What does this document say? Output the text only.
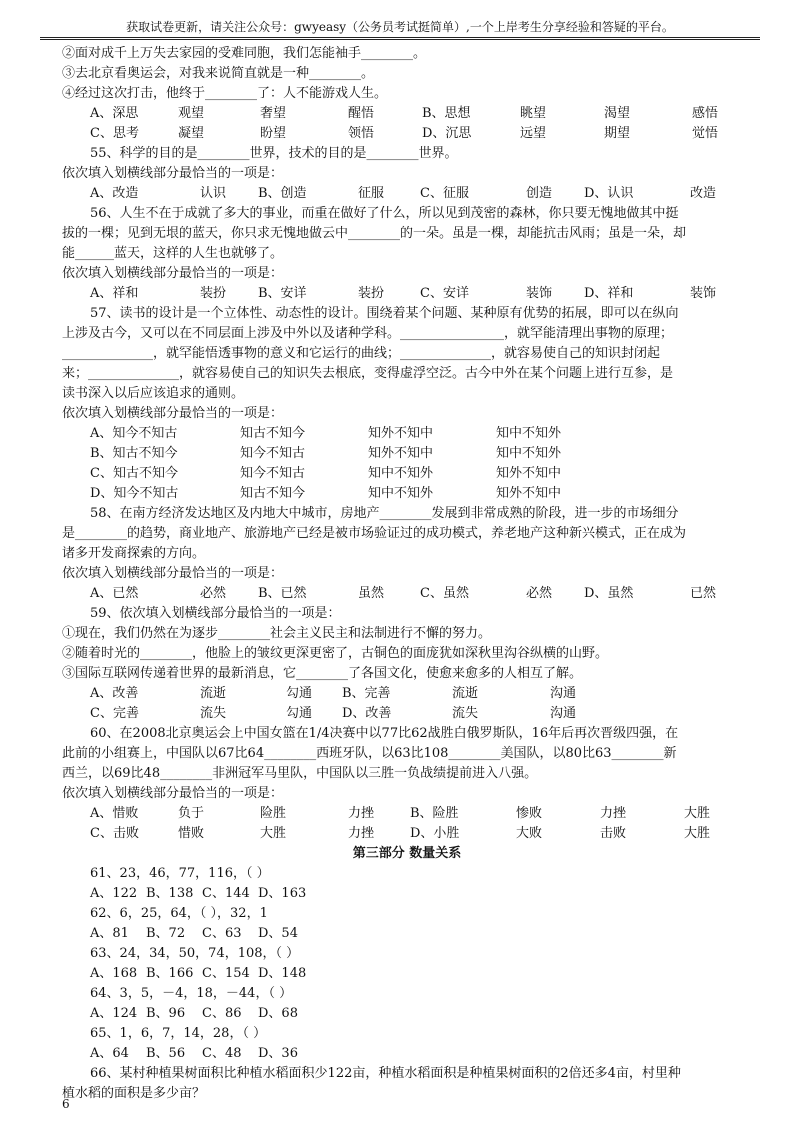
获取试卷更新，请关注公众号：gwyeasy（公务员考试挺简单）,一个上岸考生分享经验和答疑的平台。
②面对成千上万失去家园的受难同胞，我们怎能袖手________。
③去北京看奥运会，对我来说简直就是一种________。
④经过这次打击，他终于________了：人不能游戏人生。
A、深思	观望	奢望	醒悟	B、思想	眺望	渴望	感悟
C、思考	凝望	盼望	领悟	D、沉思	远望	期望	觉悟
55、科学的目的是________世界，技术的目的是________世界。
依次填入划横线部分最恰当的一项是：
A、改造	认识	B、创造	征服	C、征服	创造	D、认识	改造
56、人生不在于成就了多大的事业，而重在做好了什么，所以见到茂密的森林，你只要无愧地做其中挺
拔的一棵；见到无垠的蓝天，你只求无愧地做云中________的一朵。虽是一棵，却能抗击风雨；虽是一朵，却
能______蓝天，这样的人生也就够了。
依次填入划横线部分最恰当的一项是：
A、祥和	装扮	B、安详	装扮	C、安详	装饰	D、祥和	装饰
57、读书的设计是一个立体性、动态性的设计。围绕着某个问题、某种原有优势的拓展，即可以在纵向
上涉及古今，又可以在不同层面上涉及中外以及诸种学科。________________，就罕能清理出事物的原理；
______________，就罕能悟透事物的意义和它运行的曲线；______________，就容易使自己的知识封闭起
来；______________，就容易使自己的知识失去根底，变得虚浮空泛。古今中外在某个问题上进行互参，是
读书深入以后应该追求的通则。
依次填入划横线部分最恰当的一项是：
A、知今不知古	知古不知今	知外不知中	知中不知外
B、知古不知今	知今不知古	知外不知中	知中不知外
C、知古不知今	知今不知古	知中不知外	知外不知中
D、知今不知古	知古不知今	知中不知外	知外不知中
58、在南方经济发达地区及内地大中城市，房地产________发展到非常成熟的阶段，进一步的市场细分
是________的趋势，商业地产、旅游地产已经是被市场验证过的成功模式，养老地产这种新兴模式，正在成为
诸多开发商探索的方向。
依次填入划横线部分最恰当的一项是：
A、已然	必然	B、已然	虽然	C、虽然	必然	D、虽然	已然
59、依次填入划横线部分最恰当的一项是：
①现在，我们仍然在为逐步________社会主义民主和法制进行不懈的努力。
②随着时光的________，他脸上的皱纹更深更密了，古铜色的面庞犹如深秋里沟谷纵横的山野。
③国际互联网传递着世界的最新消息，它________了各国文化，使愈来愈多的人相互了解。
A、改善	流逝	勾通	B、完善	流逝	沟通
C、完善	流失	勾通	D、改善	流失	沟通
60、在2008北京奥运会上中国女篮在1/4决赛中以77比62战胜白俄罗斯队，16年后再次晋级四强，在
此前的小组赛上，中国队以67比64________西班牙队，以63比108________美国队，以80比63________新
西兰，以69比48________非洲冠军马里队，中国队以三胜一负战绩提前进入八强。
依次填入划横线部分最恰当的一项是：
A、惜败	负于	险胜	力挫	B、险胜	惨败	力挫	大胜
C、击败	惜败	大胜	力挫	D、小胜	大败	击败	大胜
第三部分 数量关系
61、23，46，77，116，（ ）
A、122 B、138 C、144 D、163
62、6，25，64，（ ），32，1
A、81	B、72	C、63	D、54
63、24，34，50，74，108，（ ）
A、168 B、166 C、154 D、148
64、3，5，－4，18，－44，（ ）
A、124 B、96	C、86	D、68
65、1，6，7，14，28，（ ）
A、64	B、56	C、48	D、36
66、某村种植果树面积比种植水稻面积少122亩，种植水稻面积是种植果树面积的2倍还多4亩，村里种
植水稻的面积是多少亩？
6
